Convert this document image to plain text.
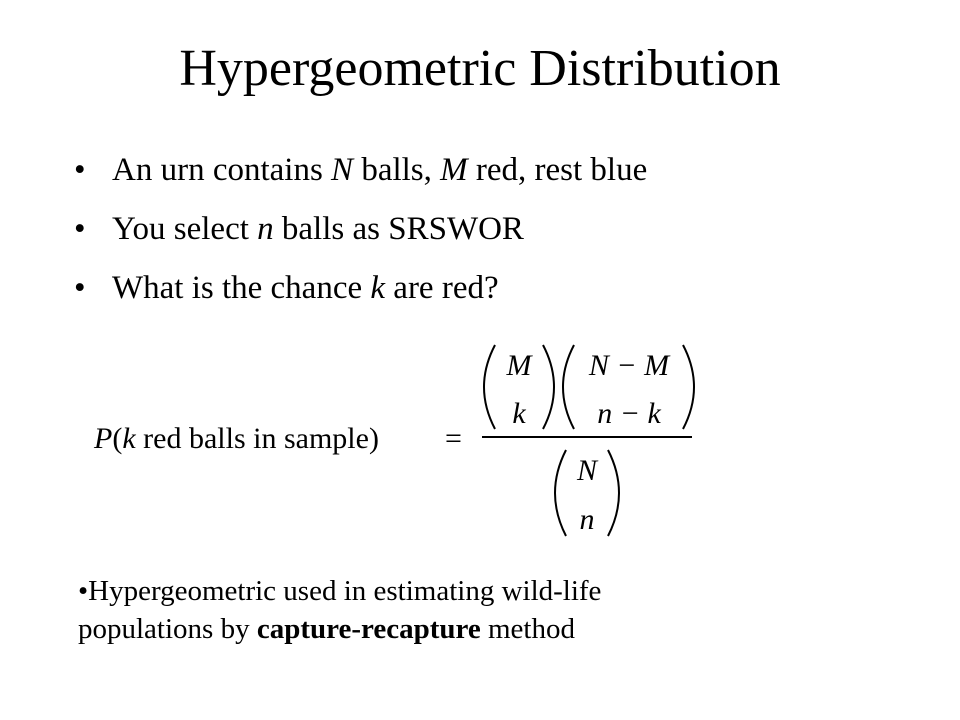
Hypergeometric Distribution
• An urn contains N balls, M red, rest blue
• You select n balls as SRSWOR
• What is the chance k are red?
P(k red balls in sample) =
M
k
N − M
n − k
N
n
•Hypergeometric used in estimating wild-life
populations by capture-recapture method
